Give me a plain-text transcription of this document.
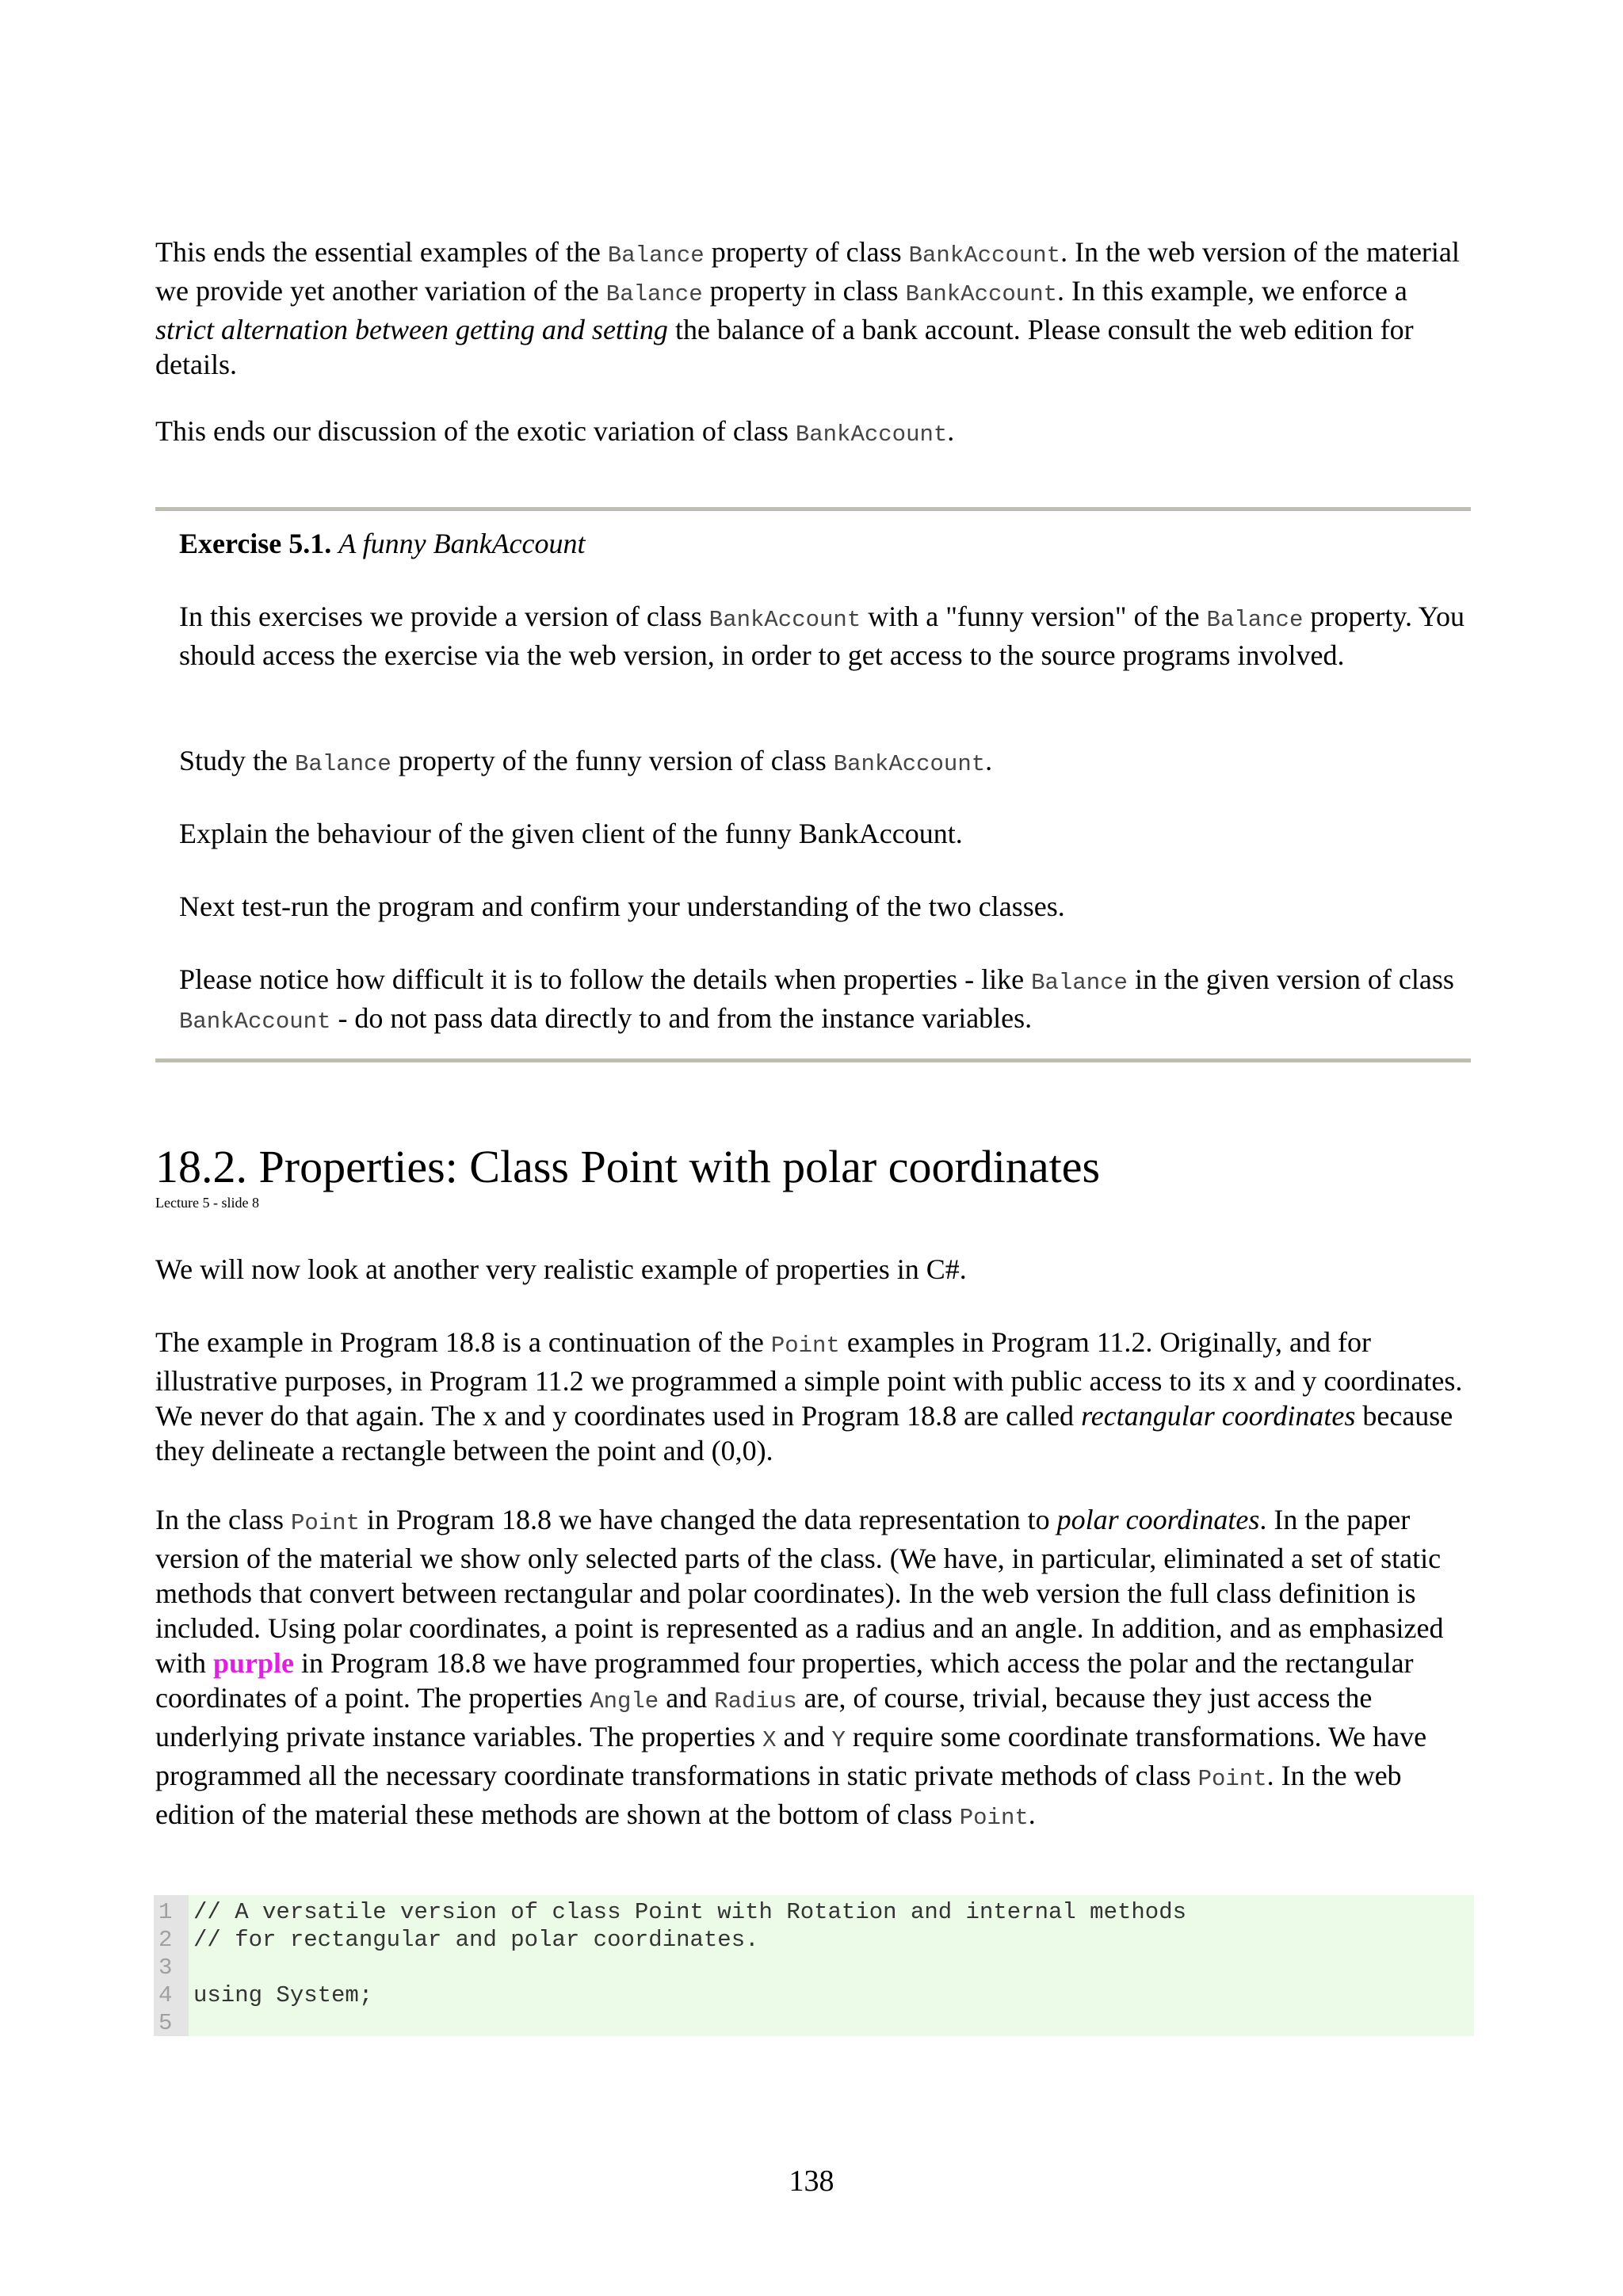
This ends the essential examples of the Balance property of class BankAccount. In the web version of the material we provide yet another variation of the Balance property in class BankAccount. In this example, we enforce a strict alternation between getting and setting the balance of a bank account. Please consult the web edition for details.

This ends our discussion of the exotic variation of class BankAccount.

Exercise 5.1. A funny BankAccount

In this exercises we provide a version of class BankAccount with a "funny version" of the Balance property. You should access the exercise via the web version, in order to get access to the source programs involved.

Study the Balance property of the funny version of class BankAccount.

Explain the behaviour of the given client of the funny BankAccount.

Next test-run the program and confirm your understanding of the two classes.

Please notice how difficult it is to follow the details when properties - like Balance in the given version of class BankAccount - do not pass data directly to and from the instance variables.

18.2. Properties: Class Point with polar coordinates
Lecture 5 - slide 8

We will now look at another very realistic example of properties in C#.

The example in Program 18.8 is a continuation of the Point examples in Program 11.2. Originally, and for illustrative purposes, in Program 11.2 we programmed a simple point with public access to its x and y coordinates. We never do that again. The x and y coordinates used in Program 18.8 are called rectangular coordinates because they delineate a rectangle between the point and (0,0).

In the class Point in Program 18.8 we have changed the data representation to polar coordinates. In the paper version of the material we show only selected parts of the class. (We have, in particular, eliminated a set of static methods that convert between rectangular and polar coordinates). In the web version the full class definition is included. Using polar coordinates, a point is represented as a radius and an angle. In addition, and as emphasized with purple in Program 18.8 we have programmed four properties, which access the polar and the rectangular coordinates of a point. The properties Angle and Radius are, of course, trivial, because they just access the underlying private instance variables. The properties X and Y require some coordinate transformations. We have programmed all the necessary coordinate transformations in static private methods of class Point. In the web edition of the material these methods are shown at the bottom of class Point.

1 // A versatile version of class Point with Rotation and internal methods
2 // for rectangular and polar coordinates.
3
4 using System;
5
138
